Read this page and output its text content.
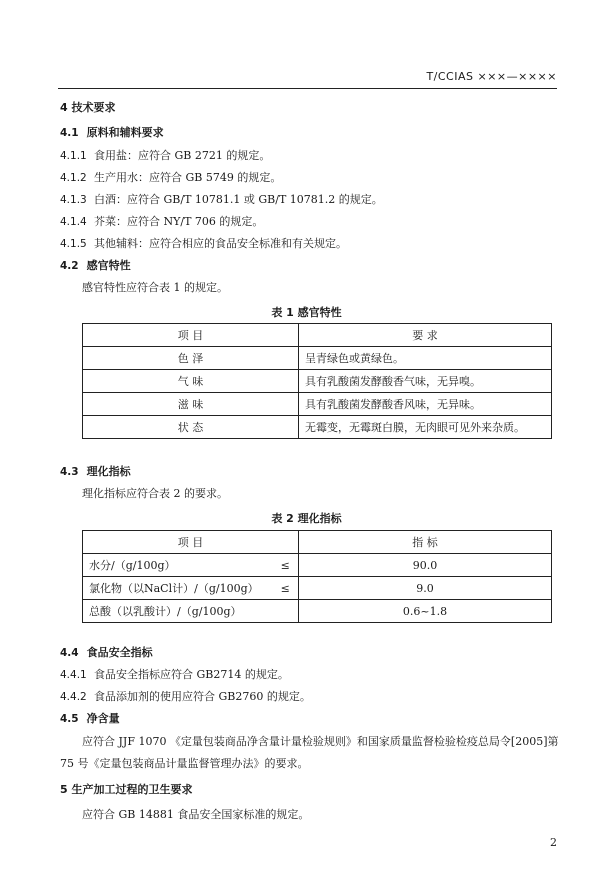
T/CCIAS ×××—××××
4 技术要求
4.1 原料和辅料要求
4.1.1 食用盐：应符合 GB 2721 的规定。
4.1.2 生产用水：应符合 GB 5749 的规定。
4.1.3 白酒：应符合 GB/T 10781.1 或 GB/T 10781.2 的规定。
4.1.4 芥菜：应符合 NY/T 706 的规定。
4.1.5 其他辅料：应符合相应的食品安全标准和有关规定。
4.2 感官特性
感官特性应符合表 1 的规定。
表 1 感官特性
项 目	要 求
色 泽	呈青绿色或黄绿色。
气 味	具有乳酸菌发酵酸香气味，无异嗅。
滋 味	具有乳酸菌发酵酸香风味，无异味。
状 态	无霉变，无霉斑白膜，无肉眼可见外来杂质。
4.3 理化指标
理化指标应符合表 2 的要求。
表 2 理化指标
项 目		指 标
水分/（g/100g）	≤	90.0
氯化物（以NaCl计）/（g/100g）	≤	9.0
总酸（以乳酸计）/（g/100g）		0.6~1.8
4.4 食品安全指标
4.4.1 食品安全指标应符合 GB2714 的规定。
4.4.2 食品添加剂的使用应符合 GB2760 的规定。
4.5 净含量
应符合 JJF 1070 《定量包装商品净含量计量检验规则》和国家质量监督检验检疫总局令[2005]第
75 号《定量包装商品计量监督管理办法》的要求。
5 生产加工过程的卫生要求
应符合 GB 14881 食品安全国家标准的规定。
2
